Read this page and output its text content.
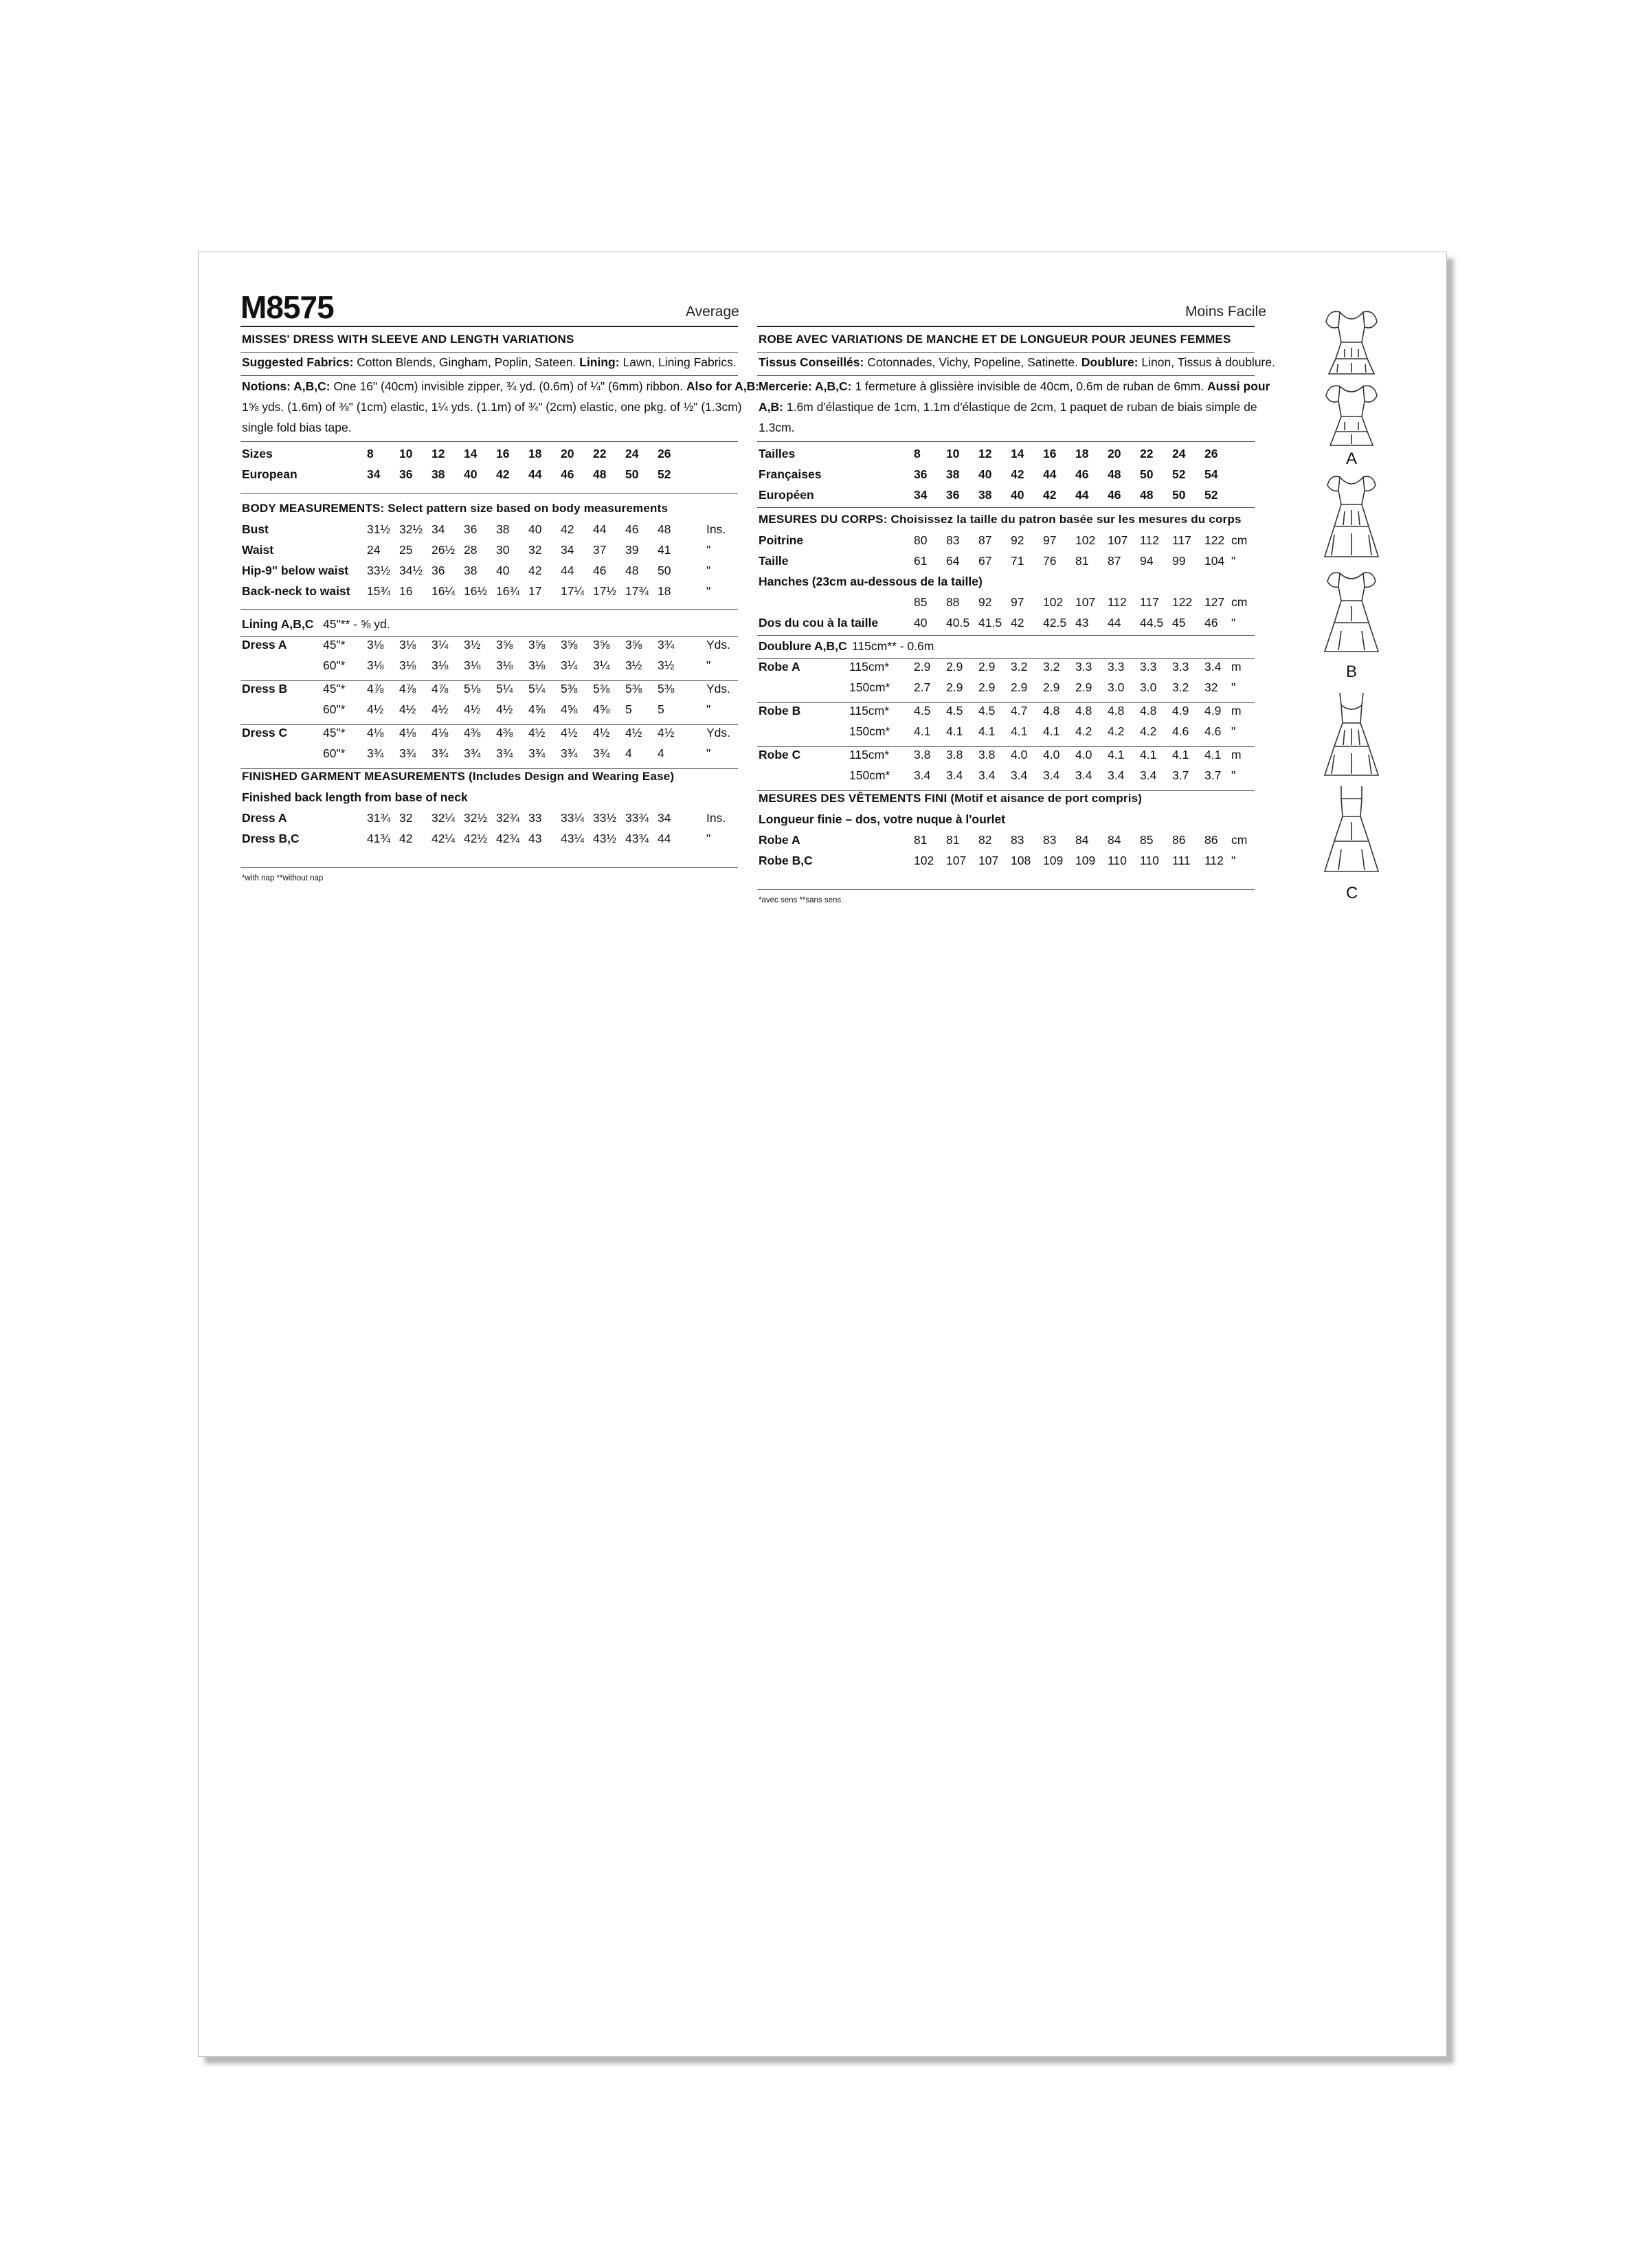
M8575	Average	Moins Facile
MISSES' DRESS WITH SLEEVE AND LENGTH VARIATIONS
Suggested Fabrics: Cotton Blends, Gingham, Poplin, Sateen. Lining: Lawn, Lining Fabrics.
Notions: A,B,C: One 16" (40cm) invisible zipper, ¾ yd. (0.6m) of ¼" (6mm) ribbon. Also for A,B:
1⅝ yds. (1.6m) of ⅜" (1cm) elastic, 1¼ yds. (1.1m) of ¾" (2cm) elastic, one pkg. of ½" (1.3cm)
single fold bias tape.
Sizes	8 10 12 14 16 18 20 22 24 26
European	34 36 38 40 42 44 46 48 50 52
BODY MEASUREMENTS: Select pattern size based on body measurements
Bust	31½ 32½ 34 36 38 40 42 44 46 48	Ins.
Waist	24 25 26½ 28 30 32 34 37 39 41	"
Hip-9" below waist 33½ 34½ 36 38 40 42 44 46 48 50	"
Back-neck to waist 15¾ 16 16¼ 16½ 16¾ 17 17¼ 17½ 17¾ 18	"
Lining A,B,C 45"** - ⅝ yd.
Dress A	45"* 3⅛ 3⅛ 3¼ 3½ 3⅝ 3⅝ 3⅝ 3⅝ 3⅝ 3¾	Yds.
60"* 3⅛ 3⅛ 3⅛ 3⅛ 3⅛ 3⅛ 3¼ 3¼ 3½ 3½	"
Dress B	45"* 4⅞ 4⅞ 4⅞ 5⅛ 5¼ 5¼ 5⅜ 5⅜ 5⅜ 5⅜	Yds.
60"* 4½ 4½ 4½ 4½ 4½ 4⅝ 4⅝ 4⅝ 5 5	"
Dress C	45"* 4⅛ 4⅛ 4⅛ 4⅜ 4⅜ 4½ 4½ 4½ 4½ 4½	Yds.
60"* 3¾ 3¾ 3¾ 3¾ 3¾ 3¾ 3¾ 3¾ 4 4	"
FINISHED GARMENT MEASUREMENTS (Includes Design and Wearing Ease)
Finished back length from base of neck
Dress A	31¾ 32 32¼ 32½ 32¾ 33 33¼ 33½ 33¾ 34	Ins.
Dress B,C	41¾ 42 42¼ 42½ 42¾ 43 43¼ 43½ 43¾ 44	"
*with nap **without nap
ROBE AVEC VARIATIONS DE MANCHE ET DE LONGUEUR POUR JEUNES FEMMES
Tissus Conseillés: Cotonnades, Vichy, Popeline, Satinette. Doublure: Linon, Tissus à doublure.
Mercerie: A,B,C: 1 fermeture à glissière invisible de 40cm, 0.6m de ruban de 6mm. Aussi pour
A,B: 1.6m d'élastique de 1cm, 1.1m d'élastique de 2cm, 1 paquet de ruban de biais simple de
1.3cm.
Tailles	8 10 12 14 16 18 20 22 24 26
Françaises	36 38 40 42 44 46 48 50 52 54
Européen	34 36 38 40 42 44 46 48 50 52
MESURES DU CORPS: Choisissez la taille du patron basée sur les mesures du corps
Poitrine	80 83 87 92 97 102 107 112 117 122 cm
Taille	61 64 67 71 76 81 87 94 99 104 "
Hanches (23cm au-dessous de la taille)
85 88 92 97 102 107 112 117 122 127 cm
Dos du cou à la taille	40 40.5 41.5 42 42.5 43 44 44.5 45 46 "
Doublure A,B,C 115cm** - 0.6m
Robe A	115cm* 2.9 2.9 2.9 3.2 3.2 3.3 3.3 3.3 3.3 3.4 m
150cm* 2.7 2.9 2.9 2.9 2.9 2.9 3.0 3.0 3.2 32 "
Robe B	115cm* 4.5 4.5 4.5 4.7 4.8 4.8 4.8 4.8 4.9 4.9 m
150cm* 4.1 4.1 4.1 4.1 4.1 4.2 4.2 4.2 4.6 4.6 "
Robe C	115cm* 3.8 3.8 3.8 4.0 4.0 4.0 4.1 4.1 4.1 4.1 m
150cm* 3.4 3.4 3.4 3.4 3.4 3.4 3.4 3.4 3.7 3.7 "
MESURES DES VÊTEMENTS FINI (Motif et aisance de port compris)
Longueur finie – dos, votre nuque à l'ourlet
Robe A	81 81 82 83 83 84 84 85 86 86 cm
Robe B,C	102 107 107 108 109 109 110 110 111 112 "
*avec sens **sans sens
A
B
C
